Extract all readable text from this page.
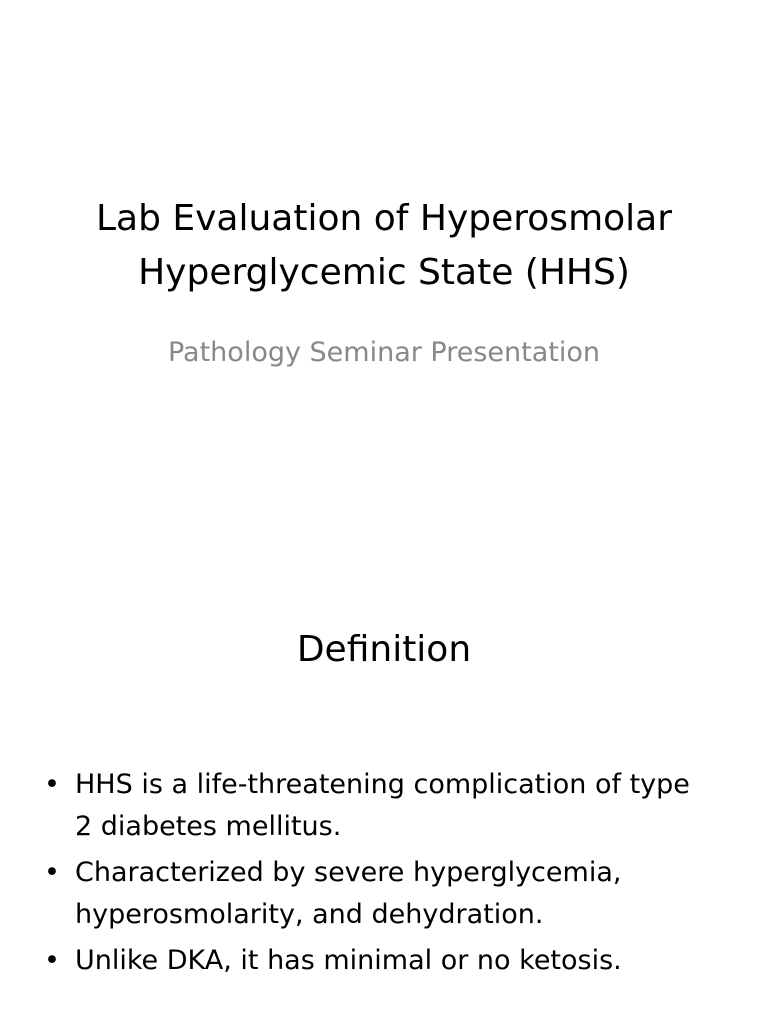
Lab Evaluation of Hyperosmolar
Hyperglycemic State (HHS)

Pathology Seminar Presentation

Definition
• HHS is a life-threatening complication of type
2 diabetes mellitus.
• Characterized by severe hyperglycemia,
hyperosmolarity, and dehydration.
• Unlike DKA, it has minimal or no ketosis.
